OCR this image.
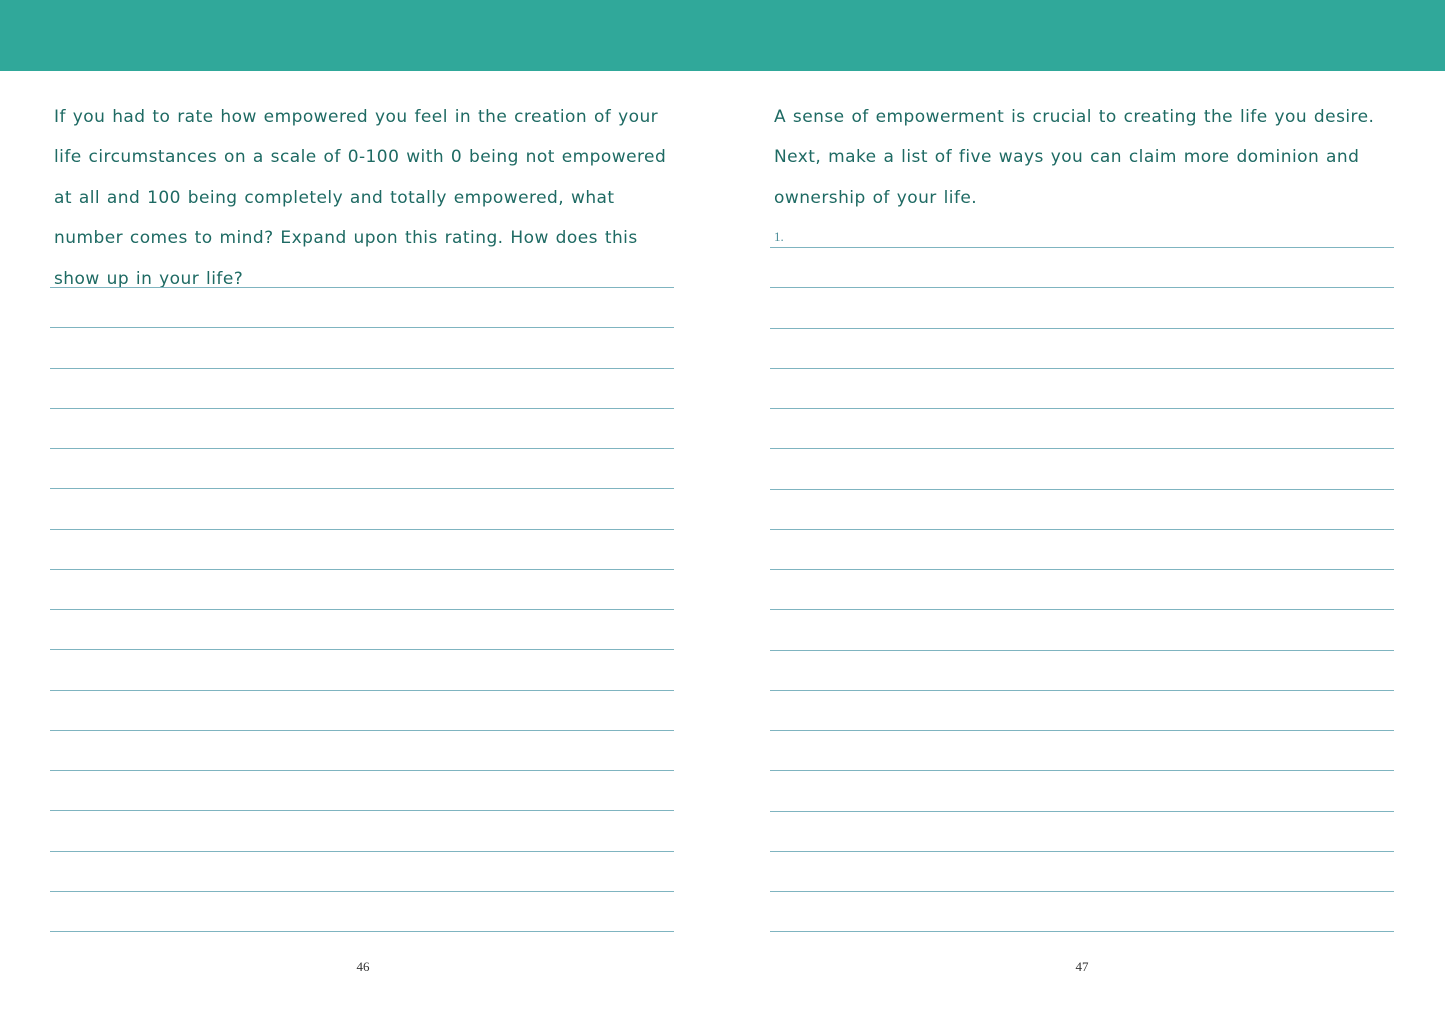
If you had to rate how empowered you feel in the creation of your life circumstances on a scale of 0-100 with 0 being not empowered at all and 100 being completely and totally empowered, what number comes to mind? Expand upon this rating. How does this show up in your life?

46

A sense of empowerment is crucial to creating the life you desire. Next, make a list of five ways you can claim more dominion and ownership of your life.

1.
47
